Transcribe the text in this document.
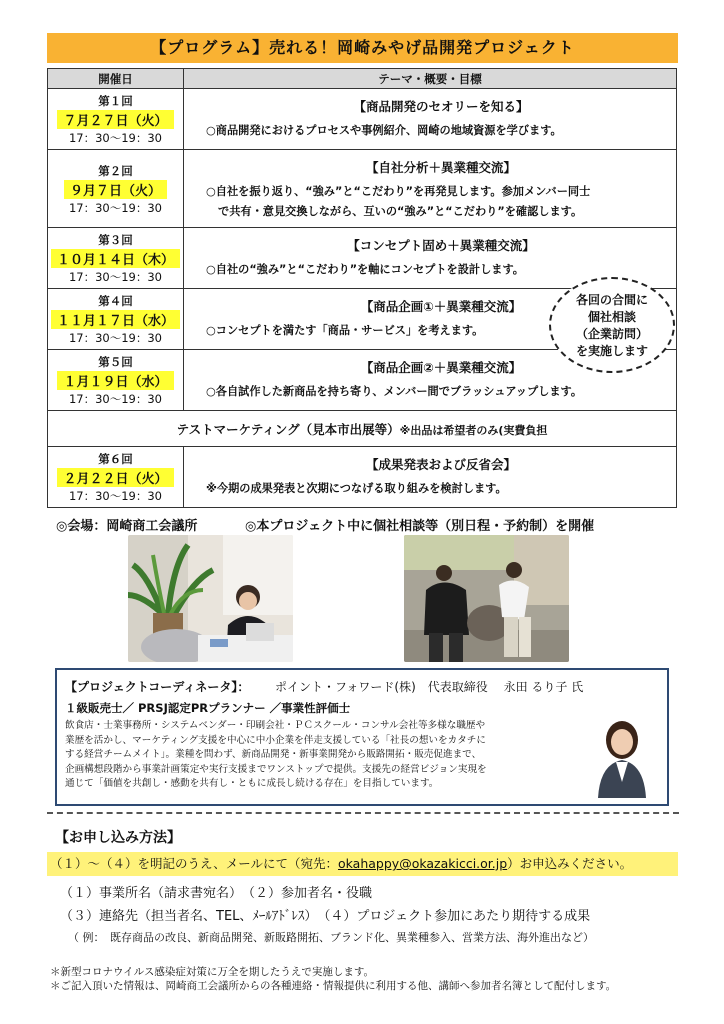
【プログラム】売れる！岡崎みやげ品開発プロジェクト
開催日	テーマ・概要・目標

第１回
７月２７日（火）
17：30～19：30	【商品開発のセオリーを知る】
○商品開発におけるプロセスや事例紹介、岡崎の地域資源を学びます。

第２回
９月７日（火）
17：30～19：30	【自社分析＋異業種交流】
○自社を振り返り、“強み”と“こだわり”を再発見します。参加メンバー同士
で共有・意見交換しながら、互いの“強み”と“こだわり”を確認します。

第３回
１０月１４日（木）
17：30～19：30	【コンセプト固め＋異業種交流】
○自社の“強み”と“こだわり”を軸にコンセプトを設計します。

第４回
１１月１７日（水）
17：30～19：30	【商品企画①＋異業種交流】
○コンセプトを満たす「商品・サービス」を考えます。

第５回
１月１９日（水）
17：30～19：30	【商品企画②＋異業種交流】
○各自試作した新商品を持ち寄り、メンバー間でブラッシュアップします。

テストマーケティング（見本市出展等）※出品は希望者のみ(実費負担	

第６回
２月２２日（火）
17：30～19：30	【成果発表および反省会】
※今期の成果発表と次期につなげる取り組みを検討します。
各回の合間に
個社相談
（企業訪問）
を実施します
◎会場：岡崎商工会議所	◎本プロジェクト中に個社相談等（別日程・予約制）を開催
【プロジェクトコーディネータ】： ポイント・フォワード(株)　代表取締役　 永田 るり子 氏
１級販売士／ PRSJ認定PRプランナー ／事業性評価士
飲食店・士業事務所・システムベンダー・印刷会社・ＰＣスクール・コンサル会社等多様な職歴や
業歴を活かし、マーケティング支援を中心に中小企業を伴走支援している「社長の想いをカタチに
する経営チームメイト」。業種を問わず、新商品開発・新事業開発から販路開拓・販売促進まで、
企画構想段階から事業計画策定や実行支援までワンストップで提供。支援先の経営ビジョン実現を
通じて「価値を共創し・感動を共有し・ともに成長し続ける存在」を目指しています。
【お申し込み方法】
（１）～（４）を明記のうえ、メールにて（宛先：okahappy@okazakicci.or.jp）お申込みください。
（１）事業所名（請求書宛名）　（２）参加者名・役職
（３）連絡先（担当者名、TEL、ﾒｰﾙｱﾄﾞﾚｽ）　（４）プロジェクト参加にあたり期待する成果
（ 例：　既存商品の改良、新商品開発、新販路開拓、ブランド化、異業種参入、営業方法、海外進出など）
＊新型コロナウイルス感染症対策に万全を期したうえで実施します。
＊ご記入頂いた情報は、岡崎商工会議所からの各種連絡・情報提供に利用する他、講師へ参加者名簿として配付します。
